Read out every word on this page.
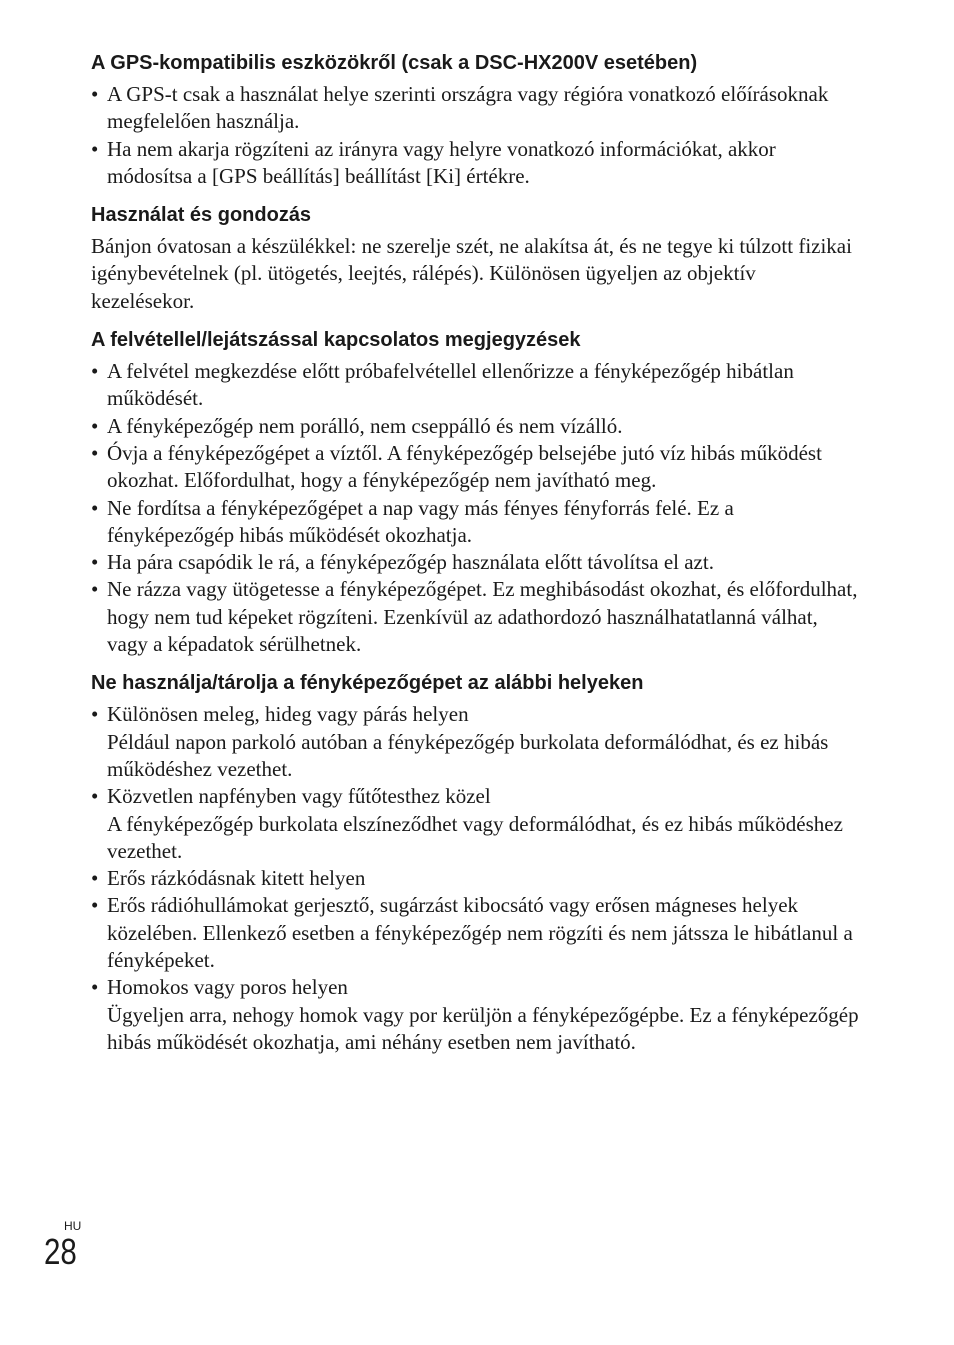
A GPS-kompatibilis eszközökről (csak a DSC-HX200V esetében)
• A GPS-t csak a használat helye szerinti országra vagy régióra vonatkozó előírásoknak megfelelően használja.
• Ha nem akarja rögzíteni az irányra vagy helyre vonatkozó információkat, akkor módosítsa a [GPS beállítás] beállítást [Ki] értékre.
Használat és gondozás

Bánjon óvatosan a készülékkel: ne szerelje szét, ne alakítsa át, és ne tegye ki túlzott fizikai igénybevételnek (pl. ütögetés, leejtés, rálépés). Különösen ügyeljen az objektív kezelésekor.

A felvétellel/lejátszással kapcsolatos megjegyzések
• A felvétel megkezdése előtt próbafelvétellel ellenőrizze a fényképezőgép hibátlan működését.
• A fényképezőgép nem porálló, nem cseppálló és nem vízálló.
• Óvja a fényképezőgépet a víztől. A fényképezőgép belsejébe jutó víz hibás működést okozhat. Előfordulhat, hogy a fényképezőgép nem javítható meg.
• Ne fordítsa a fényképezőgépet a nap vagy más fényes fényforrás felé. Ez a fényképezőgép hibás működését okozhatja.
• Ha pára csapódik le rá, a fényképezőgép használata előtt távolítsa el azt.
• Ne rázza vagy ütögetesse a fényképezőgépet. Ez meghibásodást okozhat, és előfordulhat, hogy nem tud képeket rögzíteni. Ezenkívül az adathordozó használhatatlanná válhat, vagy a képadatok sérülhetnek.
Ne használja/tárolja a fényképezőgépet az alábbi helyeken
• Különösen meleg, hideg vagy párás helyen
Például napon parkoló autóban a fényképezőgép burkolata deformálódhat, és ez hibás működéshez vezethet.
• Közvetlen napfényben vagy fűtőtesthez közel
A fényképezőgép burkolata elszíneződhet vagy deformálódhat, és ez hibás működéshez vezethet.
• Erős rázkódásnak kitett helyen
• Erős rádióhullámokat gerjesztő, sugárzást kibocsátó vagy erősen mágneses helyek közelében. Ellenkező esetben a fényképezőgép nem rögzíti és nem játssza le hibátlanul a fényképeket.
• Homokos vagy poros helyen
Ügyeljen arra, nehogy homok vagy por kerüljön a fényképezőgépbe. Ez a fényképezőgép hibás működését okozhatja, ami néhány esetben nem javítható.
HU
28
